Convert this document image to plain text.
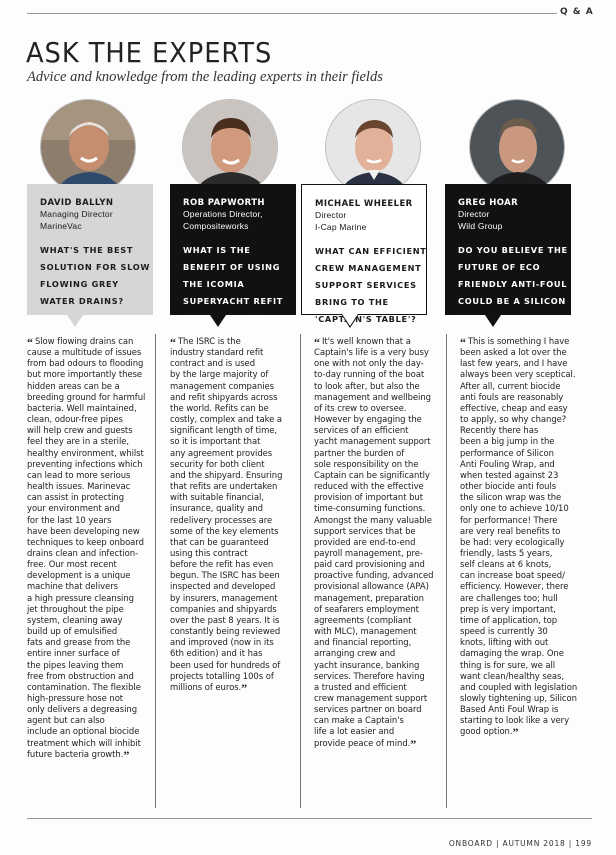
Q & A
ASK THE EXPERTS
Advice and knowledge from the leading experts in their fields
DAVID BALLYN
Managing Director
MarineVac
WHAT'S THE BEST SOLUTION FOR SLOW FLOWING GREY WATER DRAINS?
ROB PAPWORTH
Operations Director,
Compositeworks
WHAT IS THE BENEFIT OF USING THE ICOMIA SUPERYACHT REFIT CONTRACT (ISRC)?
MICHAEL WHEELER
Director
I-Cap Marine
WHAT CAN EFFICIENT CREW MANAGEMENT SUPPORT SERVICES BRING TO THE 'CAPTAIN'S TABLE'?
GREG HOAR
Director
Wild Group
DO YOU BELIEVE THE FUTURE OF ECO FRIENDLY ANTI-FOUL COULD BE A SILICON WRAP?
“ Slow flowing drains can
cause a multitude of issues
from bad odours to flooding
but more importantly these
hidden areas can be a
breeding ground for harmful
bacteria. Well maintained,
clean, odour-free pipes
will help crew and guests
feel they are in a sterile,
healthy environment, whilst
preventing infections which
can lead to more serious
health issues. Marinevac
can assist in protecting
your environment and
for the last 10 years
have been developing new
techniques to keep onboard
drains clean and infection-
free. Our most recent
development is a unique
machine that delivers
a high pressure cleansing
jet throughout the pipe
system, cleaning away
build up of emulsified
fats and grease from the
entire inner surface of
the pipes leaving them
free from obstruction and
contamination. The flexible
high-pressure hose not
only delivers a degreasing
agent but can also
include an optional biocide
treatment which will inhibit
future bacteria growth.”
“ The ISRC is the
industry standard refit
contract and is used
by the large majority of
management companies
and refit shipyards across
the world. Refits can be
costly, complex and take a
significant length of time,
so it is important that
any agreement provides
security for both client
and the shipyard. Ensuring
that refits are undertaken
with suitable financial,
insurance, quality and
redelivery processes are
some of the key elements
that can be guaranteed
using this contract
before the refit has even
begun. The ISRC has been
inspected and developed
by insurers, management
companies and shipyards
over the past 8 years. It is
constantly being reviewed
and improved (now in its
6th edition) and it has
been used for hundreds of
projects totalling 100s of
millions of euros.”
“ It's well known that a
Captain's life is a very busy
one with not only the day-
to-day running of the boat
to look after, but also the
management and wellbeing
of its crew to oversee.
However by engaging the
services of an efficient
yacht management support
partner the burden of
sole responsibility on the
Captain can be significantly
reduced with the effective
provision of important but
time-consuming functions.
Amongst the many valuable
support services that be
provided are end-to-end
payroll management, pre-
paid card provisioning and
proactive funding, advanced
provisional allowance (APA)
management, preparation
of seafarers employment
agreements (compliant
with MLC), management
and financial reporting,
arranging crew and
yacht insurance, banking
services. Therefore having
a trusted and efficient
crew management support
services partner on board
can make a Captain's
life a lot easier and
provide peace of mind.”
“ This is something I have
been asked a lot over the
last few years, and I have
always been very sceptical.
After all, current biocide
anti fouls are reasonably
effective, cheap and easy
to apply, so why change?
Recently there has
been a big jump in the
performance of Silicon
Anti Fouling Wrap, and
when tested against 23
other biocide anti fouls
the silicon wrap was the
only one to achieve 10/10
for performance! There
are very real benefits to
be had: very ecologically
friendly, lasts 5 years,
self cleans at 6 knots,
can increase boat speed/
efficiency. However, there
are challenges too; hull
prep is very important,
time of application, top
speed is currently 30
knots, lifting with out
damaging the wrap. One
thing is for sure, we all
want clean/healthy seas,
and coupled with legislation
slowly tightening up, Silicon
Based Anti Foul Wrap is
starting to look like a very
good option.”
ONBOARD | AUTUMN 2018 | 199
